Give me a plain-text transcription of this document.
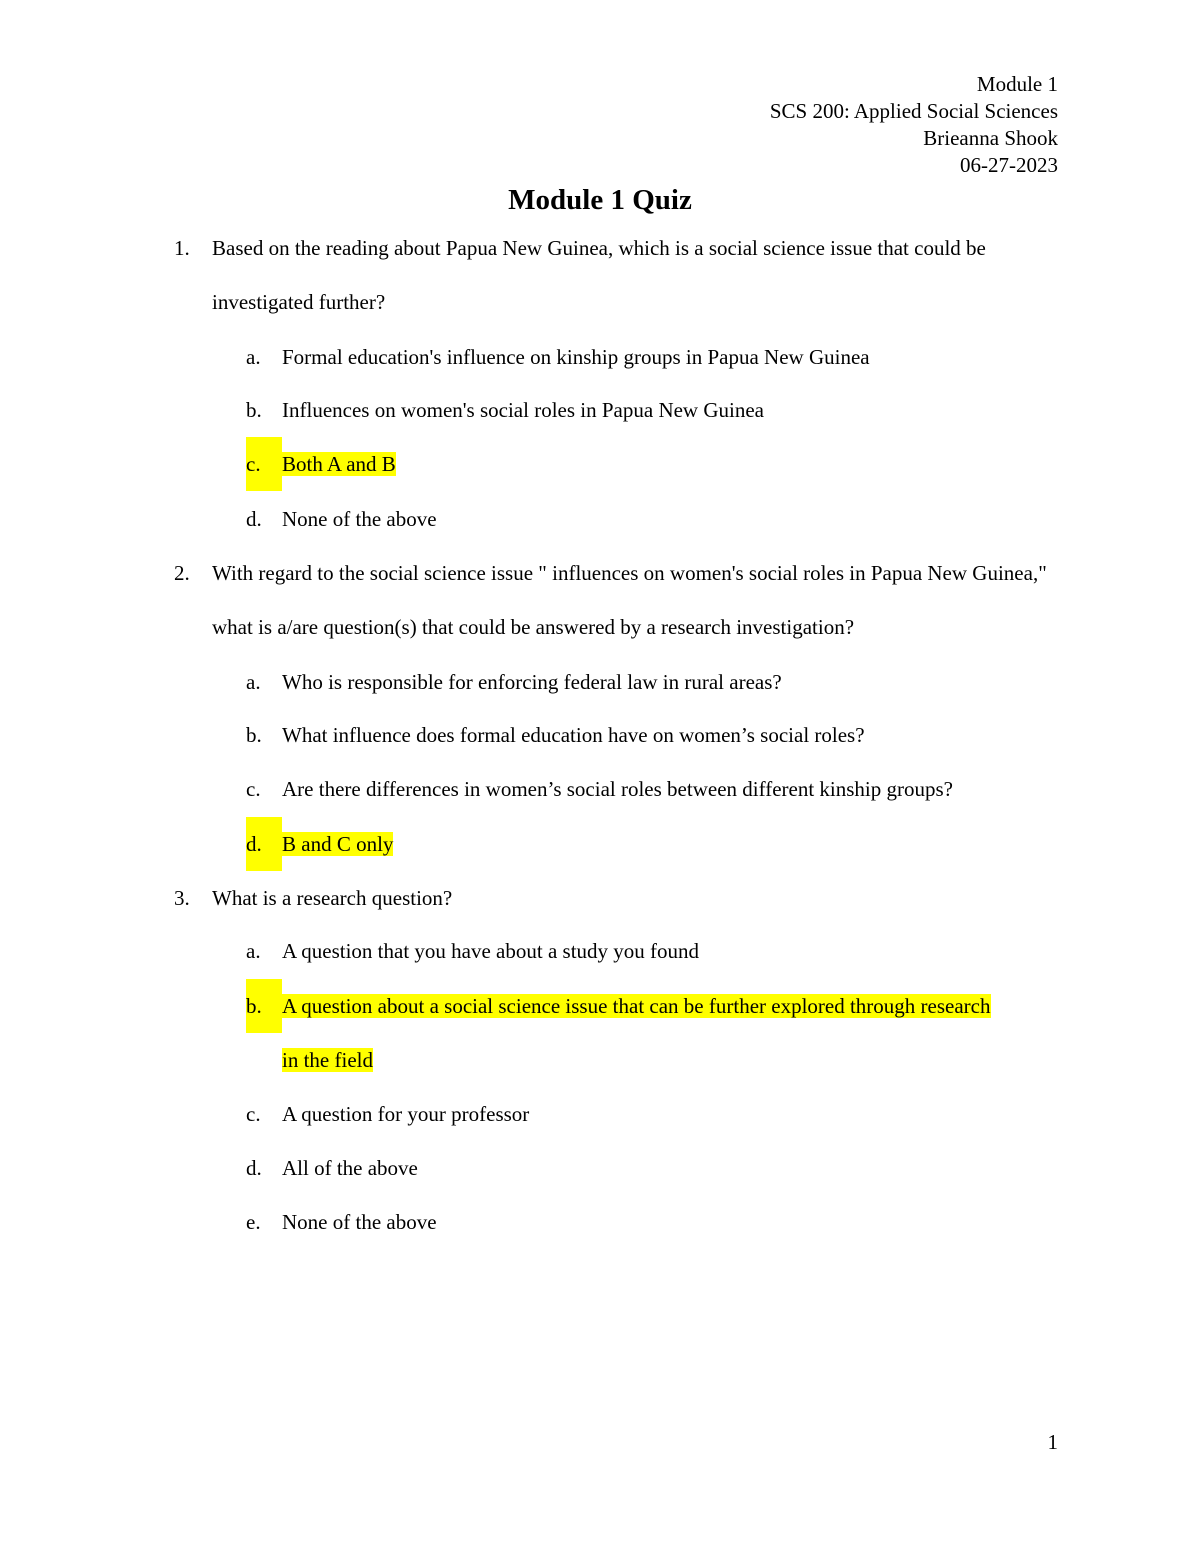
Module 1
SCS 200: Applied Social Sciences
Brieanna Shook
06-27-2023
Module 1 Quiz
1. Based on the reading about Papua New Guinea, which is a social science issue that could be investigated further?
a.	Formal education's influence on kinship groups in Papua New Guinea
b. Influences on women's social roles in Papua New Guinea
c.	Both A and B
d. None of the above
2. With regard to the social science issue " influences on women's social roles in Papua New Guinea," what is a/are question(s) that could be answered by a research investigation?
a.	Who is responsible for enforcing federal law in rural areas?
b. What influence does formal education have on women’s social roles?
c.	Are there differences in women’s social roles between different kinship groups?
d. B and C only
3. What is a research question?
a.	A question that you have about a study you found
b. A question about a social science issue that can be further explored through research in the field
c.	A question for your professor
d. All of the above
e.	None of the above
1
